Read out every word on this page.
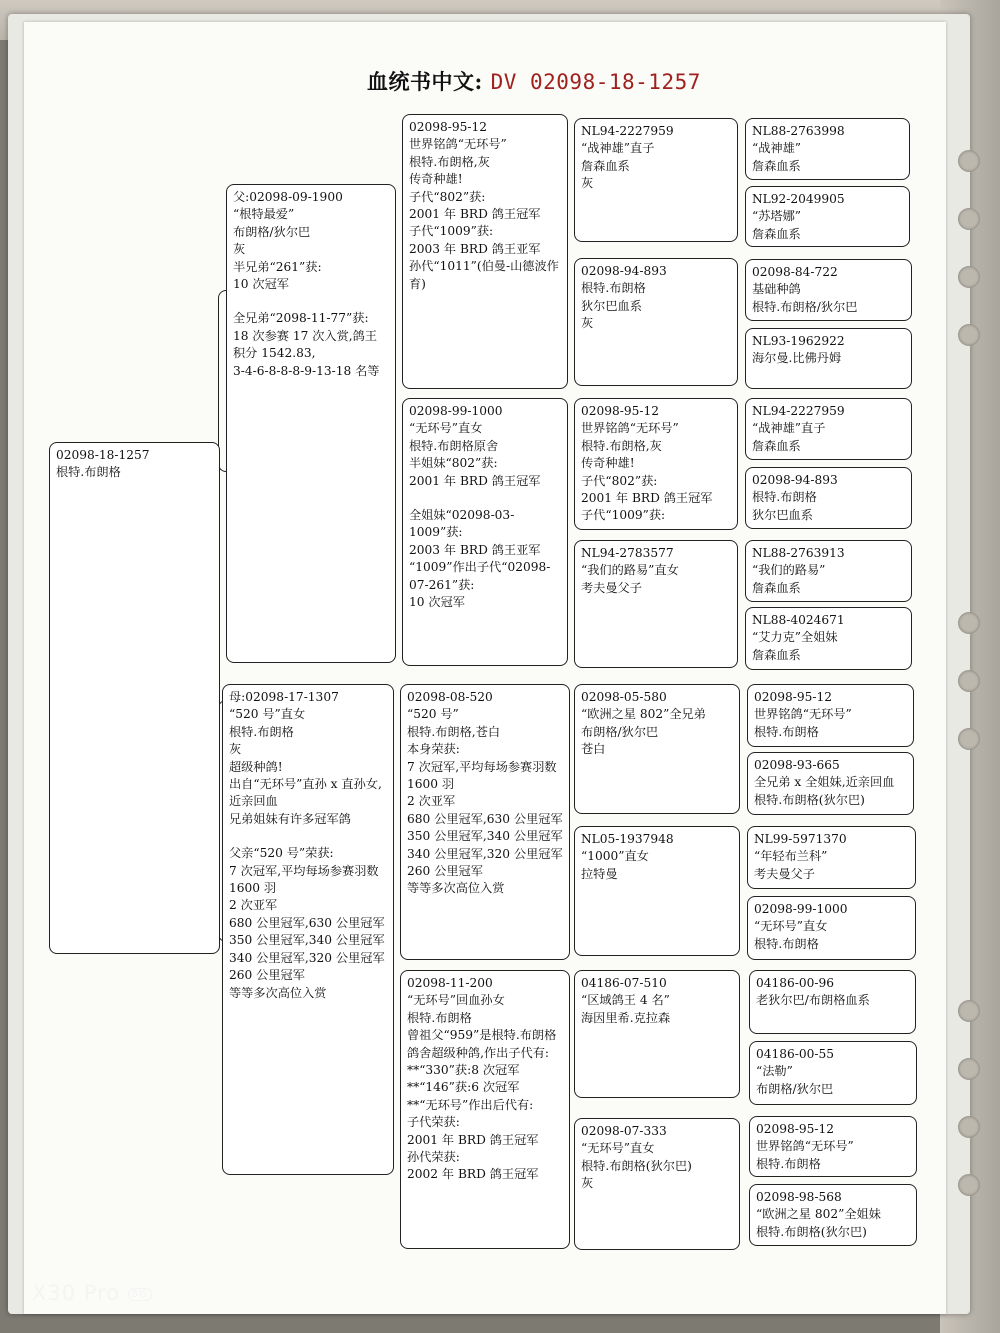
血统书中文: DV 02098-18-1257
02098-18-1257
根特.布朗格
父:02098-09-1900
“根特最爱”
布朗格/狄尔巴
灰
半兄弟“261”获:
10 次冠军
全兄弟“2098-11-77”获:
18 次参赛 17 次入赏,鸽王积分 1542.83,
3-4-6-8-8-8-9-13-18 名等
母:02098-17-1307
“520 号”直女
根特.布朗格
灰
超级种鸽!
出自“无环号”直孙 x 直孙女,近亲回血
兄弟姐妹有许多冠军鸽
父亲“520 号”荣获:
7 次冠军,平均每场参赛羽数 1600 羽
2 次亚军
680 公里冠军,630 公里冠军
350 公里冠军,340 公里冠军
340 公里冠军,320 公里冠军
260 公里冠军
等等多次高位入赏
02098-95-12
世界铭鸽“无环号”
根特.布朗格,灰
传奇种雄!
子代“802”获:
2001 年 BRD 鸽王冠军
子代“1009”获:
2003 年 BRD 鸽王亚军
孙代“1011”(伯曼-山德波作育)
02098-99-1000
“无环号”直女
根特.布朗格原舍
半姐妹“802”获:
2001 年 BRD 鸽王冠军
全姐妹“02098-03-1009”获:
2003 年 BRD 鸽王亚军
“1009”作出子代“02098-07-261”获:
10 次冠军
02098-08-520
“520 号”
根特.布朗格,苍白
本身荣获:
7 次冠军,平均每场参赛羽数 1600 羽
2 次亚军
680 公里冠军,630 公里冠军
350 公里冠军,340 公里冠军
340 公里冠军,320 公里冠军
260 公里冠军
等等多次高位入赏
02098-11-200
“无环号”回血孙女
根特.布朗格
曾祖父“959”是根特.布朗格鸽舍超级种鸽,作出子代有:
**“330”获:8 次冠军
**“146”获:6 次冠军
**“无环号”作出后代有:
子代荣获:
2001 年 BRD 鸽王冠军
孙代荣获:
2002 年 BRD 鸽王冠军
NL94-2227959
“战神雄”直子
詹森血系
灰
02098-94-893
根特.布朗格
狄尔巴血系
灰
02098-95-12
世界铭鸽“无环号”
根特.布朗格,灰
传奇种雄!
子代“802”获:
2001 年 BRD 鸽王冠军
子代“1009”获:
NL94-2783577
“我们的路易”直女
考夫曼父子
02098-05-580
“欧洲之星 802”全兄弟
布朗格/狄尔巴
苍白
NL05-1937948
“1000”直女
拉特曼
04186-07-510
“区域鸽王 4 名”
海因里希.克拉森
02098-07-333
“无环号”直女
根特.布朗格(狄尔巴)
灰
NL88-2763998
“战神雄”
詹森血系
NL92-2049905
“苏塔娜”
詹森血系
02098-84-722
基础种鸽
根特.布朗格/狄尔巴
NL93-1962922
海尔曼.比佛丹姆
NL94-2227959
“战神雄”直子
詹森血系
02098-94-893
根特.布朗格
狄尔巴血系
NL88-2763913
“我们的路易”
詹森血系
NL88-4024671
“艾力克”全姐妹
詹森血系
02098-95-12
世界铭鸽“无环号”
根特.布朗格
02098-93-665
全兄弟 x 全姐妹,近亲回血
根特.布朗格(狄尔巴)
NL99-5971370
“年轻布兰科”
考夫曼父子
02098-99-1000
“无环号”直女
根特.布朗格
04186-00-96
老狄尔巴/布朗格血系
04186-00-55
“法勒”
布朗格/狄尔巴
02098-95-12
世界铭鸽“无环号”
根特.布朗格
02098-98-568
“欧洲之星 802”全姐妹
根特.布朗格(狄尔巴)
X30 Pro 5G
